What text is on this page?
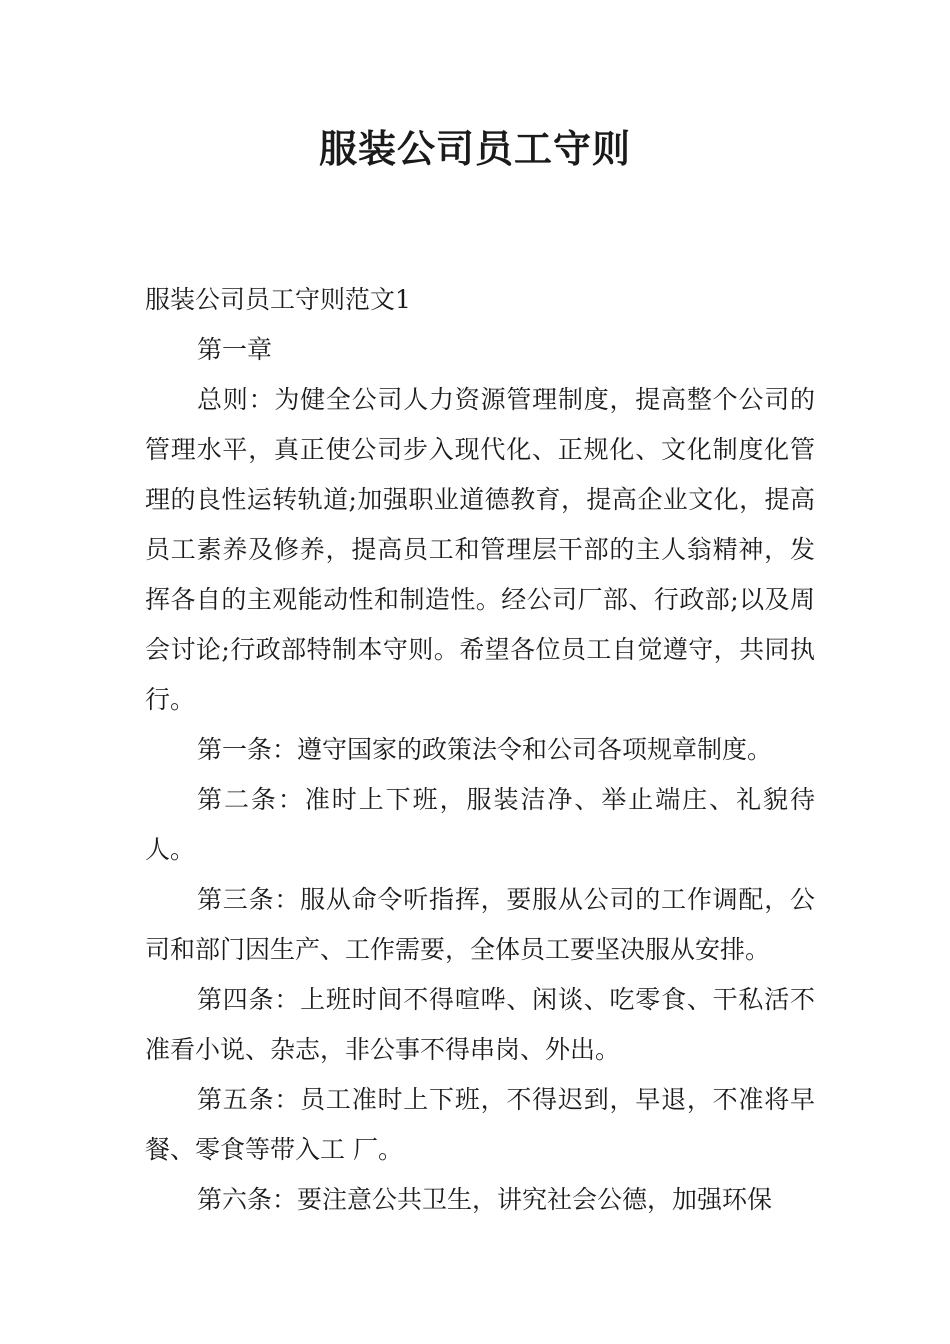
服装公司员工守则

服装公司员工守则范文1

第一章

总则：为健全公司人力资源管理制度，提高整个公司的管理水平，真正使公司步入现代化、正规化、文化制度化管理的良性运转轨道;加强职业道德教育，提高企业文化，提高员工素养及修养，提高员工和管理层干部的主人翁精神，发挥各自的主观能动性和制造性。经公司厂部、行政部;以及周会讨论;行政部特制本守则。希望各位员工自觉遵守，共同执行。

第一条：遵守国家的政策法令和公司各项规章制度。

第二条：准时上下班，服装洁净、举止端庄、礼貌待人。

第三条：服从命令听指挥，要服从公司的工作调配，公司和部门因生产、工作需要，全体员工要坚决服从安排。

第四条：上班时间不得喧哗、闲谈、吃零食、干私活不准看小说、杂志，非公事不得串岗、外出。

第五条：员工准时上下班，不得迟到，早退，不准将早餐、零食等带入工 厂。

第六条：要注意公共卫生，讲究社会公德，加强环保
